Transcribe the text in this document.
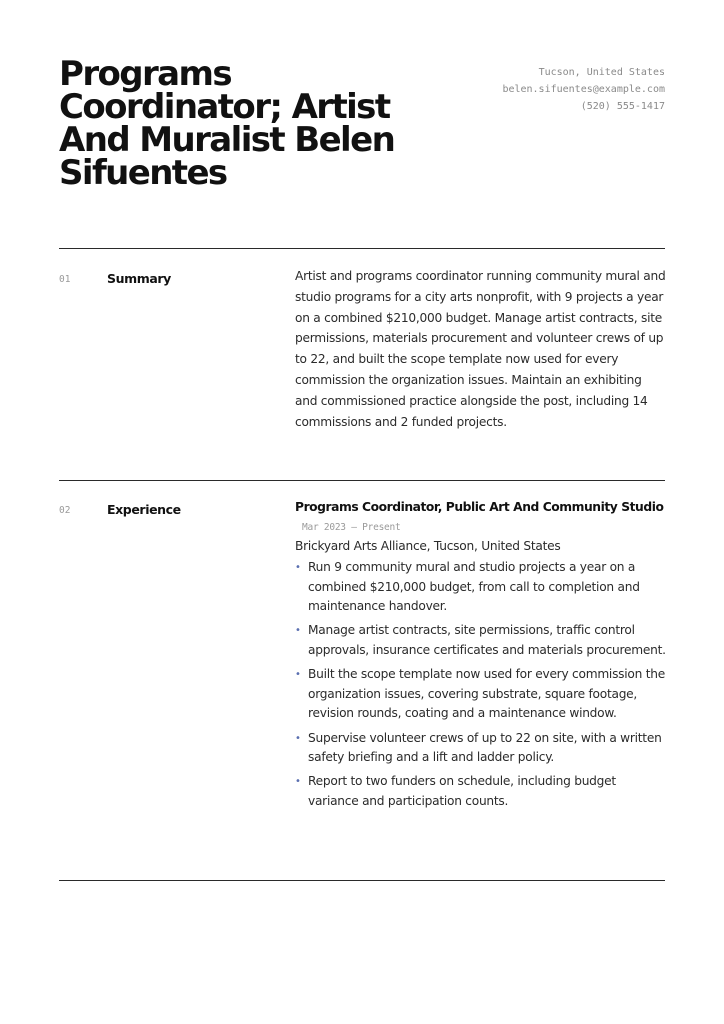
Programs Coordinator; Artist And Muralist Belen Sifuentes
Tucson, United States
belen.sifuentes@example.com
(520) 555-1417
01	Summary	Artist and programs coordinator running community mural and studio programs for a city arts nonprofit, with 9 projects a year on a combined $210,000 budget. Manage artist contracts, site permissions, materials procurement and volunteer crews of up to 22, and built the scope template now used for every commission the organization issues. Maintain an exhibiting and commissioned practice alongside the post, including 14 commissions and 2 funded projects.

02	Experience	Programs Coordinator, Public Art And Community Studio
Mar 2023 — Present
Brickyard Arts Alliance, Tucson, United States
• Run 9 community mural and studio projects a year on a combined $210,000 budget, from call to completion and maintenance handover.
• Manage artist contracts, site permissions, traffic control approvals, insurance certificates and materials procurement.
• Built the scope template now used for every commission the organization issues, covering substrate, square footage, revision rounds, coating and a maintenance window.
• Supervise volunteer crews of up to 22 on site, with a written safety briefing and a lift and ladder policy.
• Report to two funders on schedule, including budget variance and participation counts.
